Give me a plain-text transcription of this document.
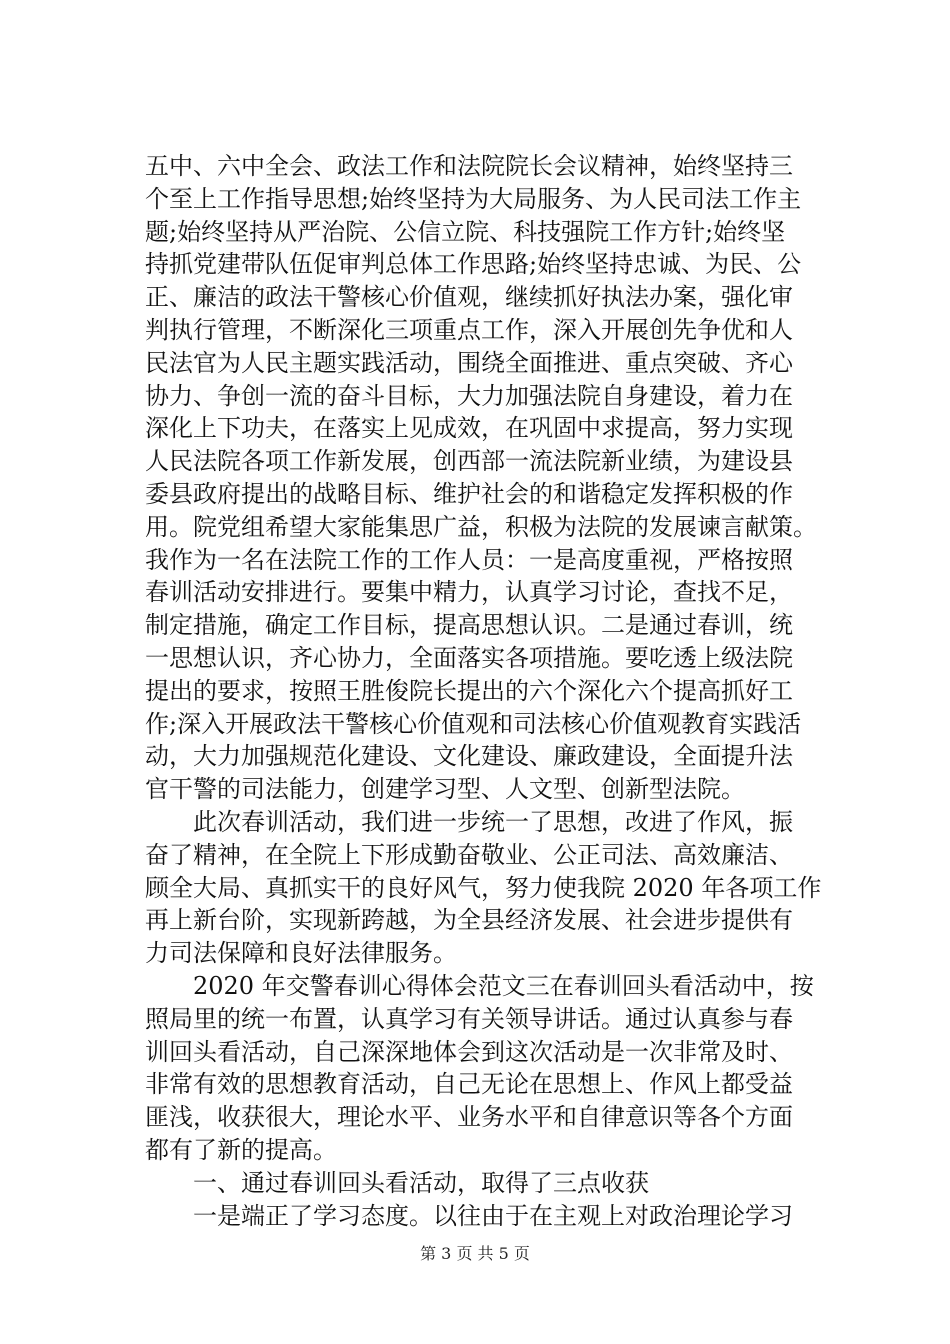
五中、六中全会、政法工作和法院院长会议精神，始终坚持三
个至上工作指导思想;始终坚持为大局服务、为人民司法工作主
题;始终坚持从严治院、公信立院、科技强院工作方针;始终坚
持抓党建带队伍促审判总体工作思路;始终坚持忠诚、为民、公
正、廉洁的政法干警核心价值观，继续抓好执法办案，强化审
判执行管理，不断深化三项重点工作，深入开展创先争优和人
民法官为人民主题实践活动，围绕全面推进、重点突破、齐心
协力、争创一流的奋斗目标，大力加强法院自身建设，着力在
深化上下功夫，在落实上见成效，在巩固中求提高，努力实现
人民法院各项工作新发展，创西部一流法院新业绩，为建设县
委县政府提出的战略目标、维护社会的和谐稳定发挥积极的作
用。院党组希望大家能集思广益，积极为法院的发展谏言献策。
我作为一名在法院工作的工作人员：一是高度重视，严格按照
春训活动安排进行。要集中精力，认真学习讨论，查找不足，
制定措施，确定工作目标，提高思想认识。二是通过春训，统
一思想认识，齐心协力，全面落实各项措施。要吃透上级法院
提出的要求，按照王胜俊院长提出的六个深化六个提高抓好工
作;深入开展政法干警核心价值观和司法核心价值观教育实践活
动，大力加强规范化建设、文化建设、廉政建设，全面提升法
官干警的司法能力，创建学习型、人文型、创新型法院。
　　此次春训活动，我们进一步统一了思想，改进了作风，振
奋了精神，在全院上下形成勤奋敬业、公正司法、高效廉洁、
顾全大局、真抓实干的良好风气，努力使我院 2020 年各项工作
再上新台阶，实现新跨越，为全县经济发展、社会进步提供有
力司法保障和良好法律服务。
　　2020 年交警春训心得体会范文三在春训回头看活动中，按
照局里的统一布置，认真学习有关领导讲话。通过认真参与春
训回头看活动，自己深深地体会到这次活动是一次非常及时、
非常有效的思想教育活动，自己无论在思想上、作风上都受益
匪浅，收获很大，理论水平、业务水平和自律意识等各个方面
都有了新的提高。
　　一、通过春训回头看活动，取得了三点收获
　　一是端正了学习态度。以往由于在主观上对政治理论学习
第 3 页 共 5 页
